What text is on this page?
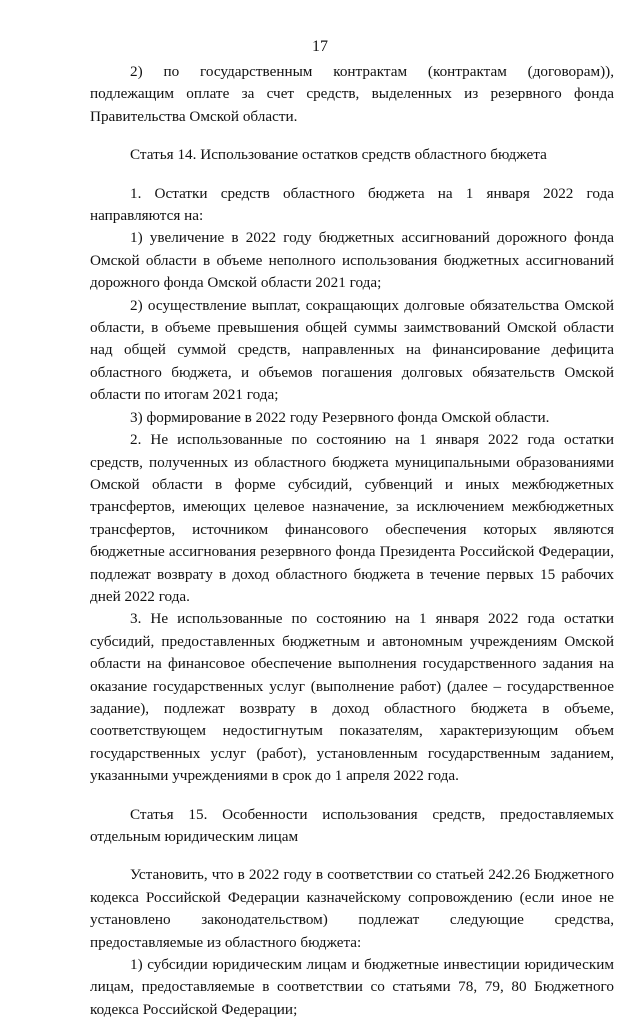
17

2) по государственным контрактам (контрактам (договорам)), подлежащим оплате за счет средств, выделенных из резервного фонда Правительства Омской области.

Статья 14. Использование остатков средств областного бюджета

1. Остатки средств областного бюджета на 1 января 2022 года направляются на:

1) увеличение в 2022 году бюджетных ассигнований дорожного фонда Омской области в объеме неполного использования бюджетных ассигнований дорожного фонда Омской области 2021 года;

2) осуществление выплат, сокращающих долговые обязательства Омской области, в объеме превышения общей суммы заимствований Омской области над общей суммой средств, направленных на финансирование дефицита областного бюджета, и объемов погашения долговых обязательств Омской области по итогам 2021 года;

3) формирование в 2022 году Резервного фонда Омской области.

2. Не использованные по состоянию на 1 января 2022 года остатки средств, полученных из областного бюджета муниципальными образованиями Омской области в форме субсидий, субвенций и иных межбюджетных трансфертов, имеющих целевое назначение, за исключением межбюджетных трансфертов, источником финансового обеспечения которых являются бюджетные ассигнования резервного фонда Президента Российской Федерации, подлежат возврату в доход областного бюджета в течение первых 15 рабочих дней 2022 года.

3. Не использованные по состоянию на 1 января 2022 года остатки субсидий, предоставленных бюджетным и автономным учреждениям Омской области на финансовое обеспечение выполнения государственного задания на оказание государственных услуг (выполнение работ) (далее – государственное задание), подлежат возврату в доход областного бюджета в объеме, соответствующем недостигнутым показателям, характеризующим объем государственных услуг (работ), установленным государственным заданием, указанными учреждениями в срок до 1 апреля 2022 года.

Статья 15. Особенности использования средств, предоставляемых отдельным юридическим лицам

Установить, что в 2022 году в соответствии со статьей 242.26 Бюджетного кодекса Российской Федерации казначейскому сопровождению (если иное не установлено законодательством) подлежат следующие средства, предоставляемые из областного бюджета:

1) субсидии юридическим лицам и бюджетные инвестиции юридическим лицам, предоставляемые в соответствии со статьями 78, 79, 80 Бюджетного кодекса Российской Федерации;
